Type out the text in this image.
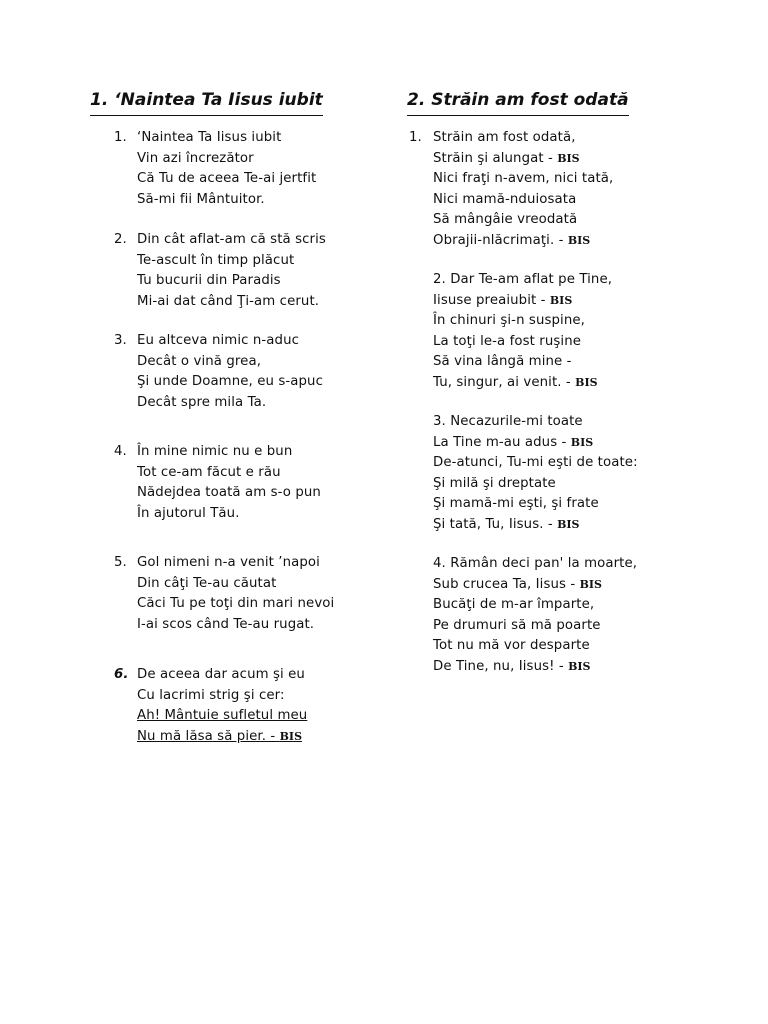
1. ‘Naintea Ta Iisus iubit
1. ‘Naintea Ta Iisus iubit
Vin azi încrezător
Că Tu de aceea Te-ai jertfit
Să-mi fii Mântuitor.
2. Din cât aflat-am că stă scris
Te-ascult în timp plăcut
Tu bucurii din Paradis
Mi-ai dat când Ţi-am cerut.
3. Eu altceva nimic n-aduc
Decât o vină grea,
Şi unde Doamne, eu s-apuc
Decât spre mila Ta.
4. În mine nimic nu e bun
Tot ce-am făcut e rău
Nădejdea toată am s-o pun
În ajutorul Tău.
5. Gol nimeni n-a venit ’napoi
Din câţi Te-au căutat
Căci Tu pe toţi din mari nevoi
I-ai scos când Te-au rugat.
6. De aceea dar acum şi eu
Cu lacrimi strig şi cer:
Ah! Mântuie sufletul meu
Nu mă lăsa să pier. - BIS
2. Străin am fost odată
1. Străin am fost odată,
Străin şi alungat - BIS
Nici fraţi n-avem, nici tată,
Nici mamă-nduiosata
Să mângâie vreodată
Obrajii-nlăcrimaţi. - BIS
2. Dar Te-am aflat pe Tine,
Iisuse preaiubit - BIS
În chinuri şi-n suspine,
La toţi le-a fost ruşine
Să vina lângă mine -
Tu, singur, ai venit. - BIS
3. Necazurile-mi toate
La Tine m-au adus - BIS
De-atunci, Tu-mi eşti de toate:
Şi milă şi dreptate
Şi mamă-mi eşti, şi frate
Şi tată, Tu, Iisus. - BIS
4. Rămân deci pan' la moarte,
Sub crucea Ta, Iisus - BIS
Bucăţi de m-ar împarte,
Pe drumuri să mă poarte
Tot nu mă vor desparte
De Tine, nu, Iisus! - BIS
